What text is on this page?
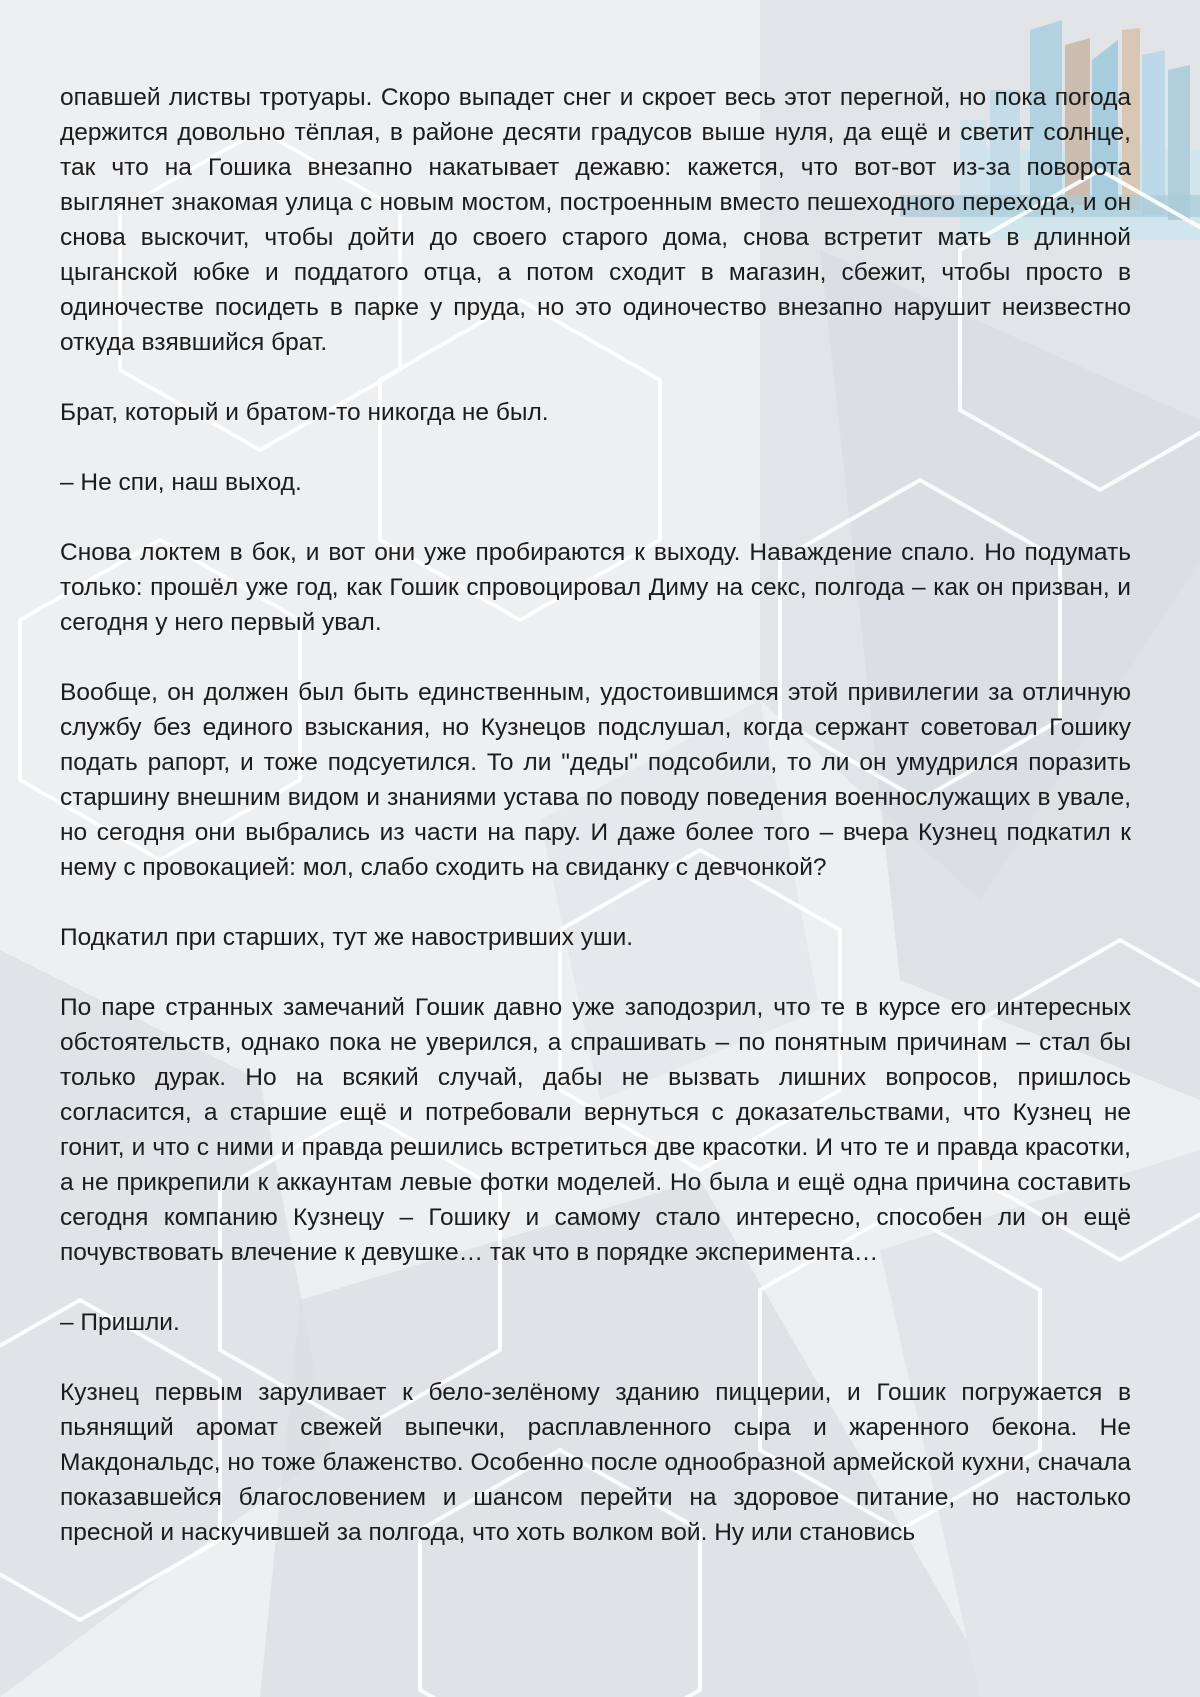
опавшей листвы тротуары. Скоро выпадет снег и скроет весь этот перегной, но пока погода держится довольно тёплая, в районе десяти градусов выше нуля, да ещё и светит солнце, так что на Гошика внезапно накатывает дежавю: кажется, что вот-вот из-за поворота выглянет знакомая улица с новым мостом, построенным вместо пешеходного перехода, и он снова выскочит, чтобы дойти до своего старого дома, снова встретит мать в длинной цыганской юбке и поддатого отца, а потом сходит в магазин, сбежит, чтобы просто в одиночестве посидеть в парке у пруда, но это одиночество внезапно нарушит неизвестно откуда взявшийся брат.

Брат, который и братом-то никогда не был.

– Не спи, наш выход.

Снова локтем в бок, и вот они уже пробираются к выходу. Наваждение спало. Но подумать только: прошёл уже год, как Гошик спровоцировал Диму на секс, полгода – как он призван, и сегодня у него первый увал.

Вообще, он должен был быть единственным, удостоившимся этой привилегии за отличную службу без единого взыскания, но Кузнецов подслушал, когда сержант советовал Гошику подать рапорт, и тоже подсуетился. То ли "деды" подсобили, то ли он умудрился поразить старшину внешним видом и знаниями устава по поводу поведения военнослужащих в увале, но сегодня они выбрались из части на пару. И даже более того – вчера Кузнец подкатил к нему с провокацией: мол, слабо сходить на свиданку с девчонкой?

Подкатил при старших, тут же навостривших уши.

По паре странных замечаний Гошик давно уже заподозрил, что те в курсе его интересных обстоятельств, однако пока не уверился, а спрашивать – по понятным причинам – стал бы только дурак. Но на всякий случай, дабы не вызвать лишних вопросов, пришлось согласится, а старшие ещё и потребовали вернуться с доказательствами, что Кузнец не гонит, и что с ними и правда решились встретиться две красотки. И что те и правда красотки, а не прикрепили к аккаунтам левые фотки моделей. Но была и ещё одна причина составить сегодня компанию Кузнецу – Гошику и самому стало интересно, способен ли он ещё почувствовать влечение к девушке… так что в порядке эксперимента…

– Пришли.

Кузнец первым заруливает к бело-зелёному зданию пиццерии, и Гошик погружается в пьянящий аромат свежей выпечки, расплавленного сыра и жаренного бекона. Не Макдональдс, но тоже блаженство. Особенно после однообразной армейской кухни, сначала показавшейся благословением и шансом перейти на здоровое питание, но настолько пресной и наскучившей за полгода, что хоть волком вой. Ну или становись
